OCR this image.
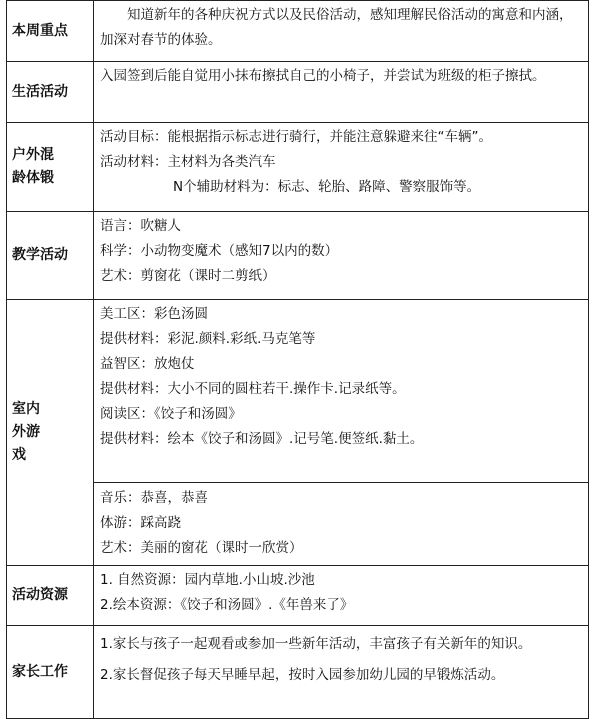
本周重点
知道新年的各种庆祝方式以及民俗活动，感知理解民俗活动的寓意和内涵，加深对春节的体验。
生活活动
入园签到后能自觉用小抹布擦拭自己的小椅子，并尝试为班级的柜子擦拭。
户外混龄体锻
活动目标：能根据指示标志进行骑行，并能注意躲避来往“车辆”。
活动材料：主材料为各类汽车
N个辅助材料为：标志、轮胎、路障、警察服饰等。
教学活动
语言：吹糖人
科学：小动物变魔术（感知7以内的数）
艺术：剪窗花（课时二剪纸）
室内外游戏
美工区：彩色汤圆
提供材料：彩泥.颜料.彩纸.马克笔等
益智区：放炮仗
提供材料：大小不同的圆柱若干.操作卡.记录纸等。
阅读区：《饺子和汤圆》
提供材料：绘本《饺子和汤圆》.记号笔.便签纸.黏土。
音乐：恭喜，恭喜
体游：踩高跷
艺术：美丽的窗花（课时一欣赏）
活动资源
1. 自然资源：园内草地.小山坡.沙池
2.绘本资源：《饺子和汤圆》.《年兽来了》
家长工作
1.家长与孩子一起观看或参加一些新年活动，丰富孩子有关新年的知识。
2.家长督促孩子每天早睡早起，按时入园参加幼儿园的早锻炼活动。
